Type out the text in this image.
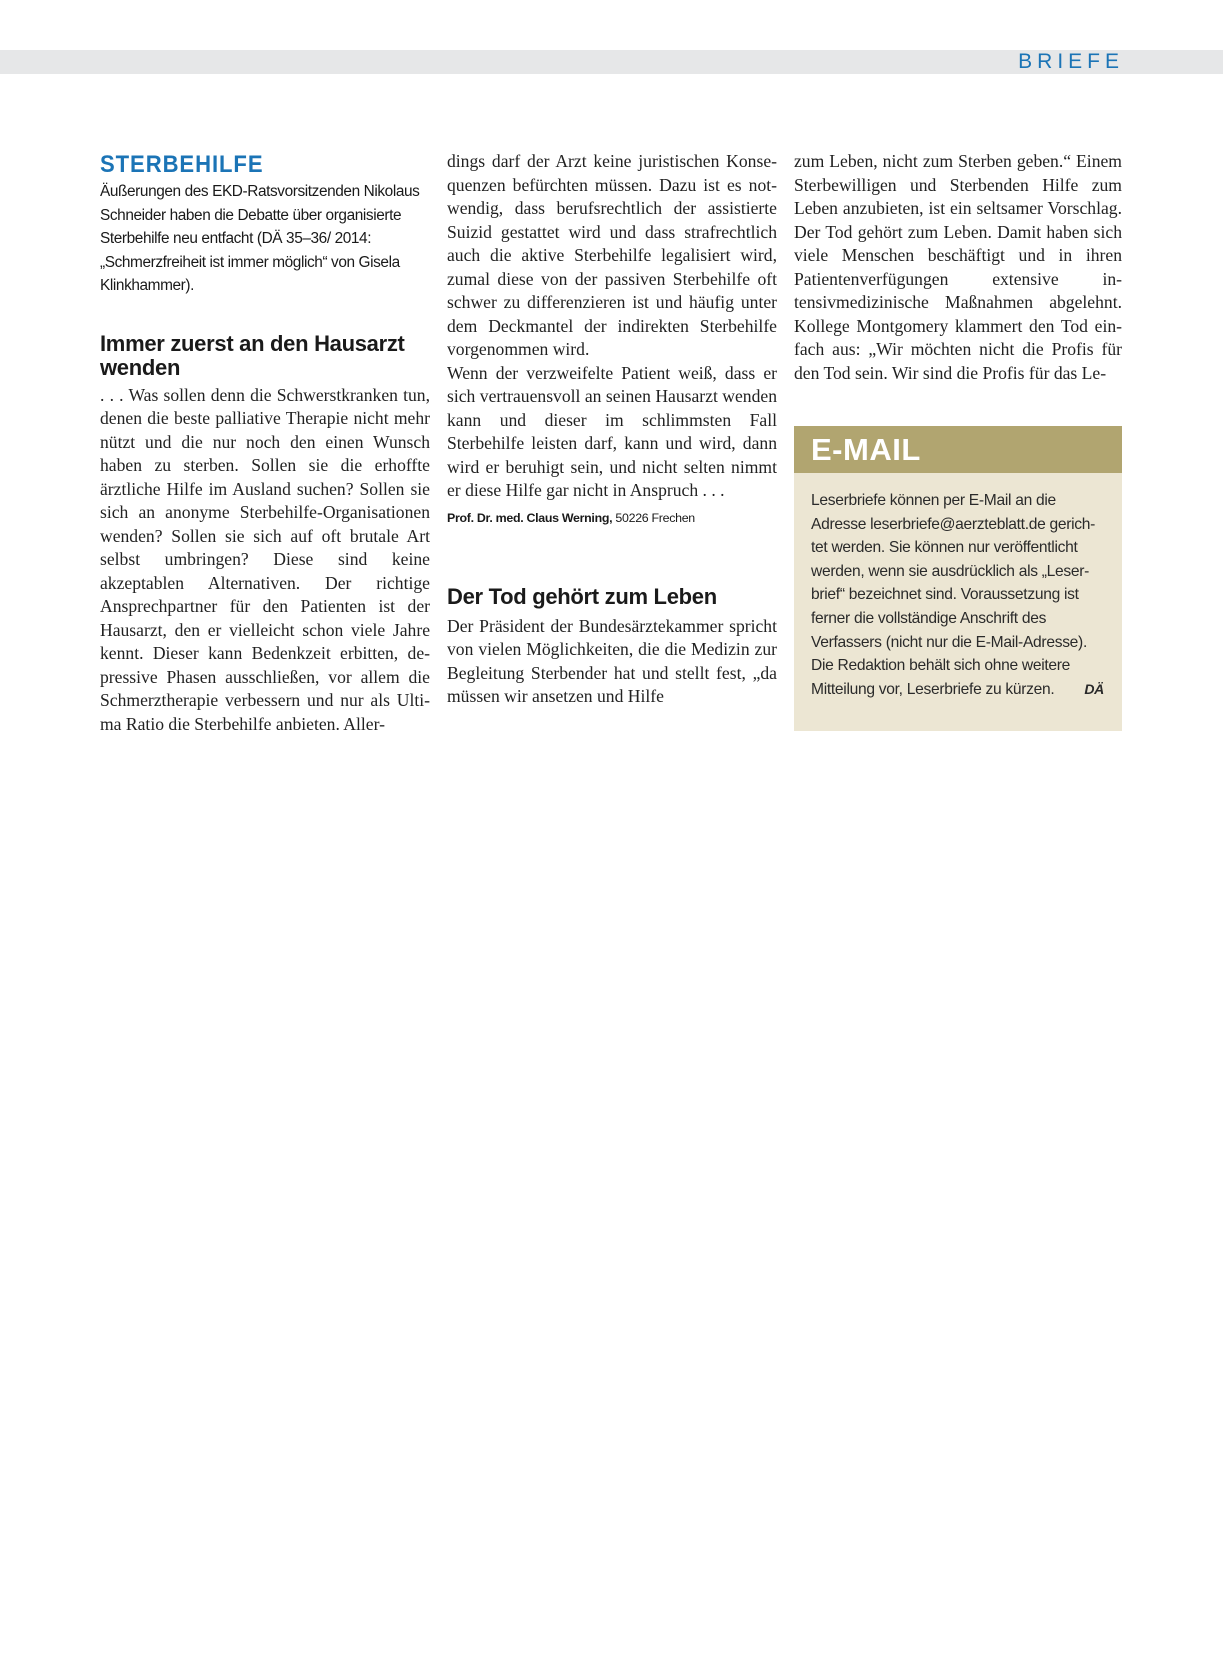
BRIEFE
STERBEHILFE

Äußerungen des EKD-Ratsvorsitzenden Nikolaus Schneider haben die Debatte über organisierte Sterbehilfe neu entfacht (DÄ 35–36/ 2014: „Schmerzfreiheit ist immer möglich“ von Gisela Klinkhammer).

Immer zuerst an den Hausarzt wenden

. . . Was sollen denn die Schwerstkranken tun, denen die beste palliative Therapie nicht mehr nützt und die nur noch den einen Wunsch haben zu sterben. Sollen sie die erhoffte ärztliche Hilfe im Ausland suchen? Sollen sie sich an anonyme Sterbehilfe-Organisationen wenden? Sollen sie sich auf oft brutale Art selbst umbringen? Diese sind keine akzeptablen Alternativen. Der richtige Ansprechpartner für den Patienten ist der Hausarzt, den er vielleicht schon viele Jahre kennt. Dieser kann Bedenkzeit erbitten, depressive Phasen ausschließen, vor allem die Schmerztherapie verbessern und nur als Ultima Ratio die Sterbehilfe anbieten. Aller-

dings darf der Arzt keine juristischen Konsequenzen befürchten müssen. Dazu ist es notwendig, dass berufsrechtlich der assistierte Suizid gestattet wird und dass strafrechtlich auch die aktive Sterbehilfe legalisiert wird, zumal diese von der passiven Sterbehilfe oft schwer zu differenzieren ist und häufig unter dem Deckmantel der indirekten Sterbehilfe vorgenommen wird.

Wenn der verzweifelte Patient weiß, dass er sich vertrauensvoll an seinen Hausarzt wenden kann und dieser im schlimmsten Fall Sterbehilfe leisten darf, kann und wird, dann wird er beruhigt sein, und nicht selten nimmt er diese Hilfe gar nicht in Anspruch . . .

Prof. Dr. med. Claus Werning, 50226 Frechen

Der Tod gehört zum Leben

Der Präsident der Bundesärztekammer spricht von vielen Möglichkeiten, die die Medizin zur Begleitung Sterbender hat und stellt fest, „da müssen wir ansetzen und Hilfe

zum Leben, nicht zum Sterben geben.“ Einem Sterbewilligen und Sterbenden Hilfe zum Leben anzubieten, ist ein seltsamer Vorschlag. Der Tod gehört zum Leben. Damit haben sich viele Menschen beschäftigt und in ihren Patientenverfügungen extensive intensivmedizinische Maßnahmen abgelehnt. Kollege Montgomery klammert den Tod einfach aus: „Wir möchten nicht die Profis für den Tod sein. Wir sind die Profis für das Le-

E-MAIL
Leserbriefe können per E-Mail an die Adresse leserbriefe@aerzteblatt.de gerichtet werden. Sie können nur veröffentlicht werden, wenn sie ausdrücklich als „Leserbrief“ bezeichnet sind. Voraussetzung ist ferner die vollständige Anschrift des Verfassers (nicht nur die E-Mail-Adresse). Die Redaktion behält sich ohne weitere Mitteilung vor, Leserbriefe zu kürzen. DÄ
